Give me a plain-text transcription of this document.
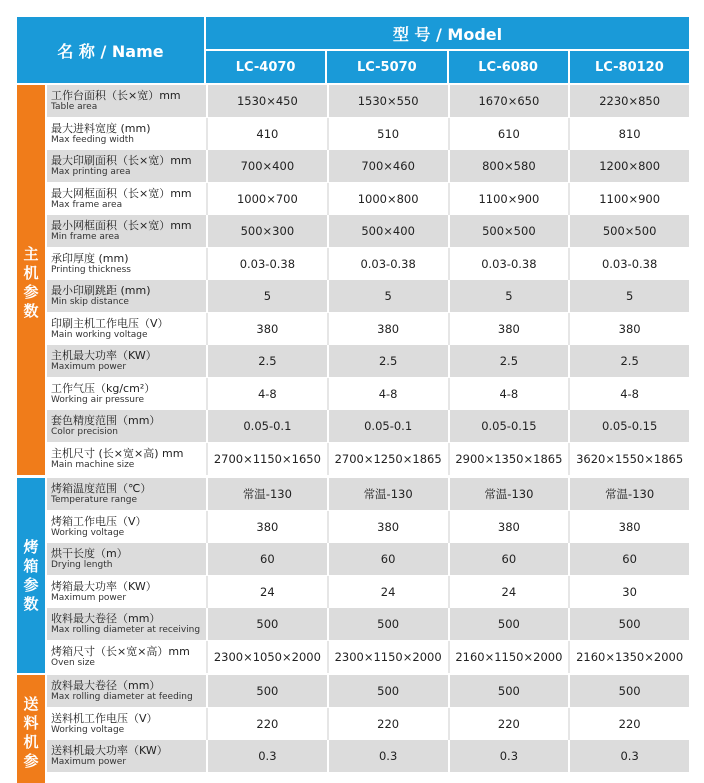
名 称 / Name
型 号 / Model
LC-4070	LC-5070	LC-6080	LC-80120
主
机
参
数
工作台面积（长×宽）mm
Table area	1530×450	1530×550	1670×650	2230×850
最大进料宽度 (mm)
Max feeding width	410	510	610	810
最大印刷面积（长×宽）mm
Max printing area	700×400	700×460	800×580	1200×800
最大网框面积（长×宽）mm
Max frame area	1000×700	1000×800	1100×900	1100×900
最小网框面积（长×宽）mm
Min frame area	500×300	500×400	500×500	500×500
承印厚度 (mm)
Printing thickness	0.03-0.38	0.03-0.38	0.03-0.38	0.03-0.38
最小印刷跳距 (mm)
Min skip distance	5	5	5	5
印刷主机工作电压（V）
Main working voltage	380	380	380	380
主机最大功率（KW）
Maximum power	2.5	2.5	2.5	2.5
工作气压（kg/cm²）
Working air pressure	4-8	4-8	4-8	4-8
套色精度范围（mm）
Color precision	0.05-0.1	0.05-0.1	0.05-0.15	0.05-0.15
主机尺寸 (长×宽×高) mm
Main machine size	2700×1150×1650	2700×1250×1865	2900×1350×1865	3620×1550×1865
烤
箱
参
数
烤箱温度范围（℃）
Temperature range	常温-130	常温-130	常温-130	常温-130
烤箱工作电压（V）
Working voltage	380	380	380	380
烘干长度（m）
Drying length	60	60	60	60
烤箱最大功率（KW）
Maximum power	24	24	24	30
收料最大卷径（mm）
Max rolling diameter at receiving	500	500	500	500
烤箱尺寸（长×宽×高）mm
Oven size	2300×1050×2000	2300×1150×2000	2160×1150×2000	2160×1350×2000
送
料
机
参
放料最大卷径（mm）
Max rolling diameter at feeding	500	500	500	500
送料机工作电压（V）
Working voltage	220	220	220	220
送料机最大功率（KW）
Maximum power	0.3	0.3	0.3	0.3
